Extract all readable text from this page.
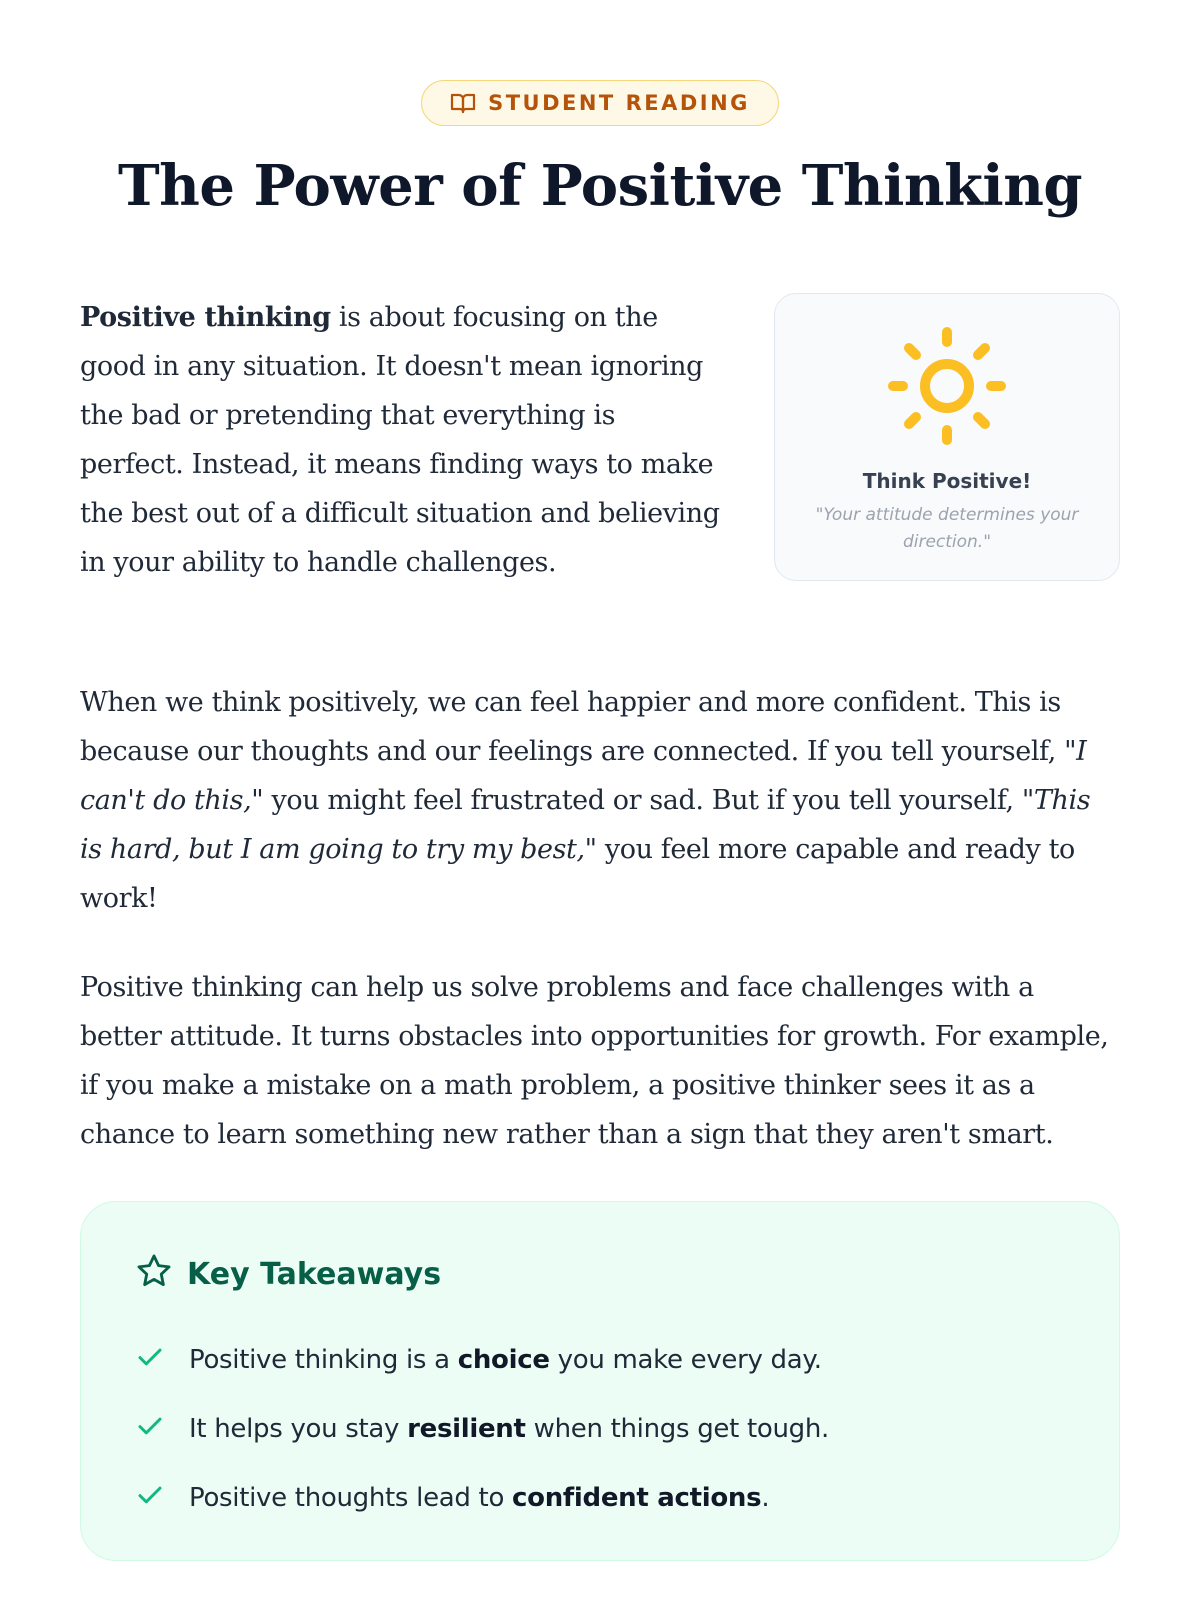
STUDENT READING
The Power of Positive Thinking

Positive thinking is about focusing on the good in any situation. It doesn't mean ignoring the bad or pretending that everything is perfect. Instead, it means finding ways to make the best out of a difficult situation and believing in your ability to handle challenges.

Think Positive!
"Your attitude determines your direction."

When we think positively, we can feel happier and more confident. This is because our thoughts and our feelings are connected. If you tell yourself, "I can't do this," you might feel frustrated or sad. But if you tell yourself, "This is hard, but I am going to try my best," you feel more capable and ready to work!

Positive thinking can help us solve problems and face challenges with a better attitude. It turns obstacles into opportunities for growth. For example, if you make a mistake on a math problem, a positive thinker sees it as a chance to learn something new rather than a sign that they aren't smart.

Key Takeaways
Positive thinking is a choice you make every day.
It helps you stay resilient when things get tough.
Positive thoughts lead to confident actions.
